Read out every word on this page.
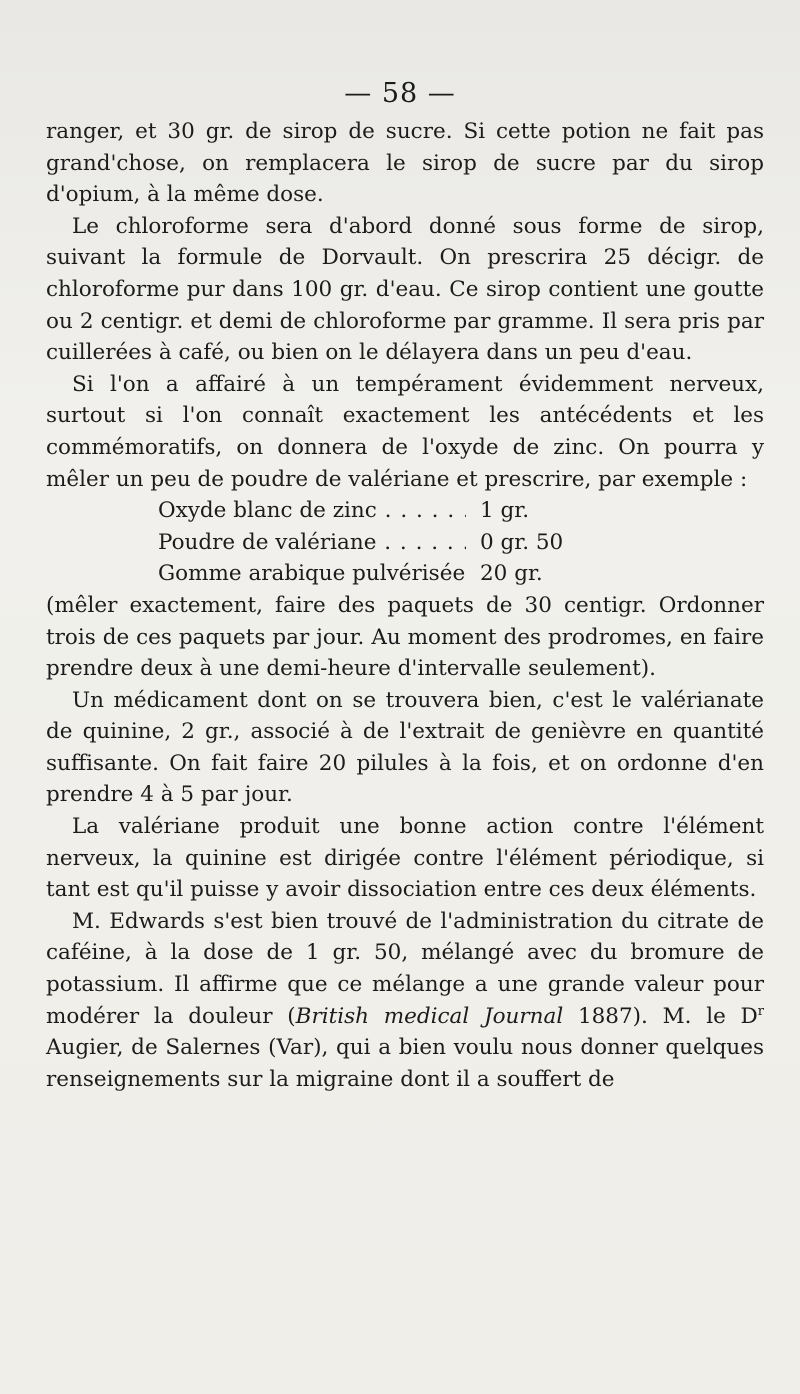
— 58 —

ranger, et 30 gr. de sirop de sucre. Si cette potion ne fait pas grand'chose, on remplacera le sirop de sucre par du sirop d'opium, à la même dose.

Le chloroforme sera d'abord donné sous forme de sirop, suivant la formule de Dorvault. On prescrira 25 décigr. de chloroforme pur dans 100 gr. d'eau. Ce sirop contient une goutte ou 2 centigr. et demi de chloroforme par gramme. Il sera pris par cuillerées à café, ou bien on le délayera dans un peu d'eau.

Si l'on a affairé à un tempérament évidemment nerveux, surtout si l'on connaît exactement les antécédents et les commémoratifs, on donnera de l'oxyde de zinc. On pourra y mêler un peu de poudre de valériane et prescrire, par exemple :

Oxyde blanc de zinc . . .	1 gr.
Poudre de valériane . . .	0 gr. 50
Gomme arabique pulvérisée . . . 20 gr.

(mêler exactement, faire des paquets de 30 centigr. Ordonner trois de ces paquets par jour. Au moment des prodromes, en faire prendre deux à une demi-heure d'intervalle seulement).

Un médicament dont on se trouvera bien, c'est le valérianate de quinine, 2 gr., associé à de l'extrait de genièvre en quantité suffisante. On fait faire 20 pilules à la fois, et on ordonne d'en prendre 4 à 5 par jour.

La valériane produit une bonne action contre l'élément nerveux, la quinine est dirigée contre l'élément périodique, si tant est qu'il puisse y avoir dissociation entre ces deux éléments.

M. Edwards s'est bien trouvé de l'administration du citrate de caféine, à la dose de 1 gr. 50, mélangé avec du bromure de potassium. Il affirme que ce mélange a une grande valeur pour modérer la douleur (British medical Journal 1887). M. le $D^r$ Augier, de Salernes (Var), qui a bien voulu nous donner quelques renseignements sur la migraine dont il a souffert de
